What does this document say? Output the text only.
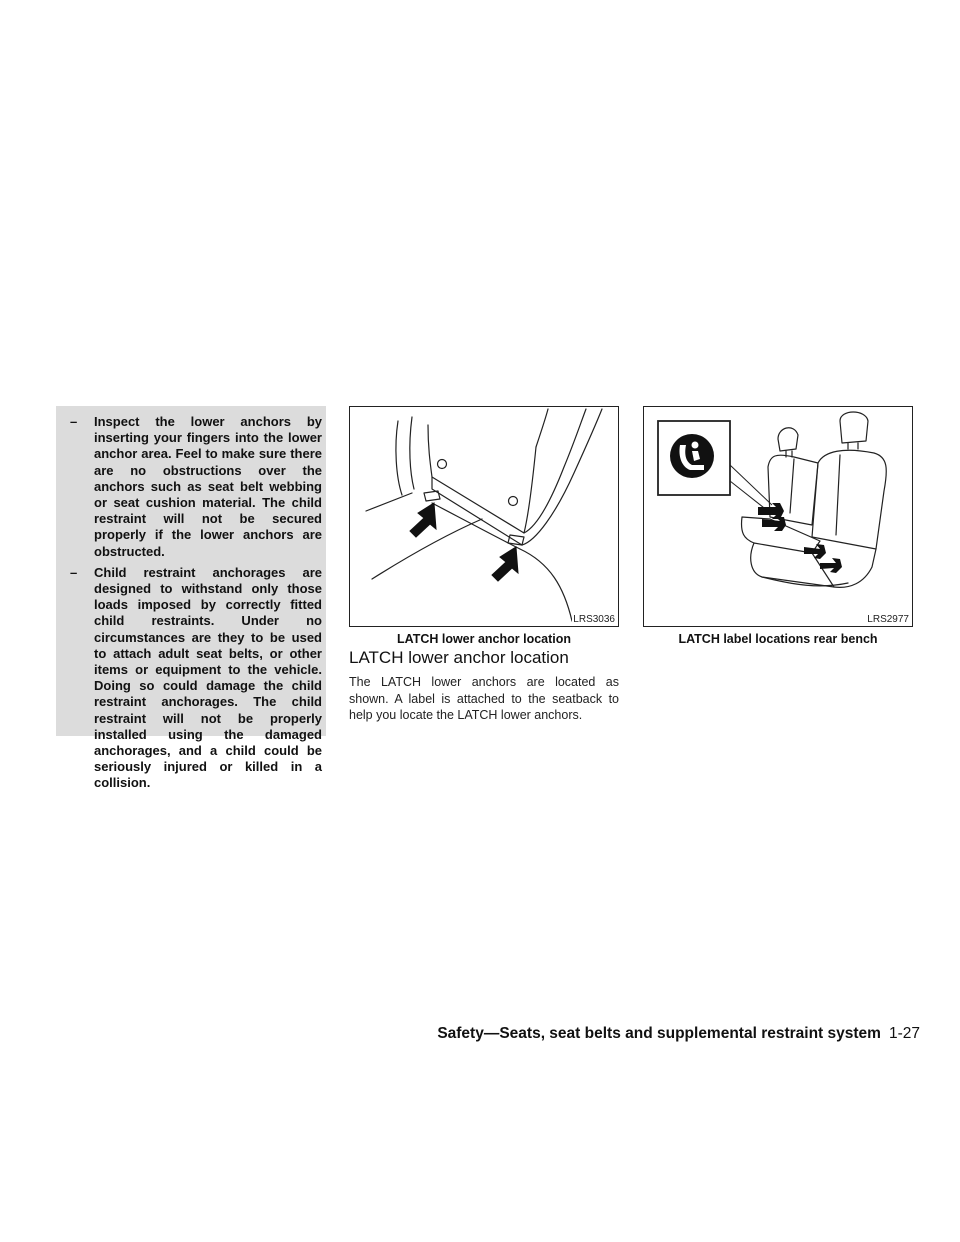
– Inspect the lower anchors by inserting your fingers into the lower anchor area. Feel to make sure there are no obstructions over the anchors such as seat belt webbing or seat cushion material. The child restraint will not be secured properly if the lower anchors are obstructed.

– Child restraint anchorages are designed to withstand only those loads imposed by correctly fitted child restraints. Under no circumstances are they to be used to attach adult seat belts, or other items or equipment to the vehicle. Doing so could damage the child restraint anchorages. The child restraint will not be properly installed using the damaged anchorages, and a child could be seriously injured or killed in a collision.

LRS3036	LRS2977
LATCH lower anchor location	LATCH label locations rear bench
LATCH lower anchor location

The LATCH lower anchors are located as shown. A label is attached to the seatback to help you locate the LATCH lower anchors.

Safety—Seats, seat belts and supplemental restraint system 1-27
